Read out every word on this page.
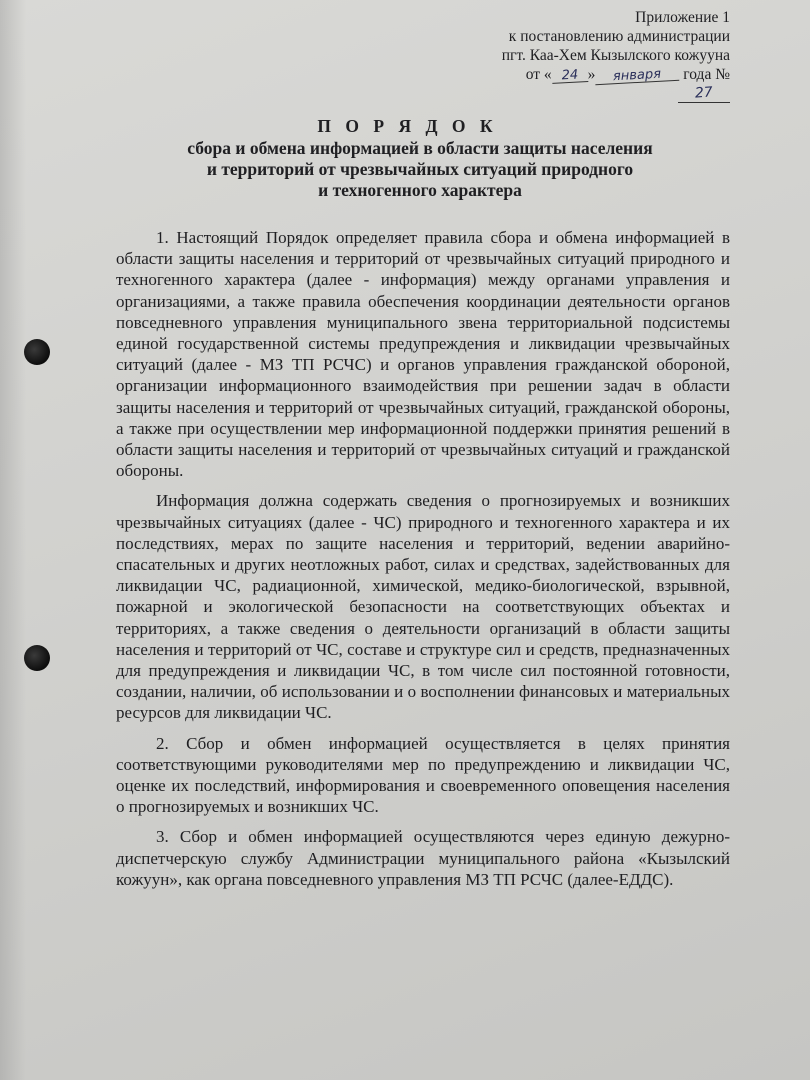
Приложение 1
к постановлению администрации
пгт. Каа-Хем Кызылского кожууна
от « 24 » января года №
27
П О Р Я Д О К
сбора и обмена информацией в области защиты населения
и территорий от чрезвычайных ситуаций природного
и техногенного характера

1. Настоящий Порядок определяет правила сбора и обмена информацией в области защиты населения и территорий от чрезвычайных ситуаций природного и техногенного характера (далее - информация) между органами управления и организациями, а также правила обеспечения координации деятельности органов повседневного управления муниципального звена территориальной подсистемы единой государственной системы предупреждения и ликвидации чрезвычайных ситуаций (далее - МЗ ТП РСЧС) и органов управления гражданской обороной, организации информационного взаимодействия при решении задач в области защиты населения и территорий от чрезвычайных ситуаций, гражданской обороны, а также при осуществлении мер информационной поддержки принятия решений в области защиты населения и территорий от чрезвычайных ситуаций и гражданской обороны.

Информация должна содержать сведения о прогнозируемых и возникших чрезвычайных ситуациях (далее - ЧС) природного и техногенного характера и их последствиях, мерах по защите населения и территорий, ведении аварийно-спасательных и других неотложных работ, силах и средствах, задействованных для ликвидации ЧС, радиационной, химической, медико-биологической, взрывной, пожарной и экологической безопасности на соответствующих объектах и территориях, а также сведения о деятельности организаций в области защиты населения и территорий от ЧС, составе и структуре сил и средств, предназначенных для предупреждения и ликвидации ЧС, в том числе сил постоянной готовности, создании, наличии, об использовании и о восполнении финансовых и материальных ресурсов для ликвидации ЧС.

2. Сбор и обмен информацией осуществляется в целях принятия соответствующими руководителями мер по предупреждению и ликвидации ЧС, оценке их последствий, информирования и своевременного оповещения населения о прогнозируемых и возникших ЧС.

3. Сбор и обмен информацией осуществляются через единую дежурно-диспетчерскую службу Администрации муниципального района «Кызылский кожуун», как органа повседневного управления МЗ ТП РСЧС (далее-ЕДДС).
